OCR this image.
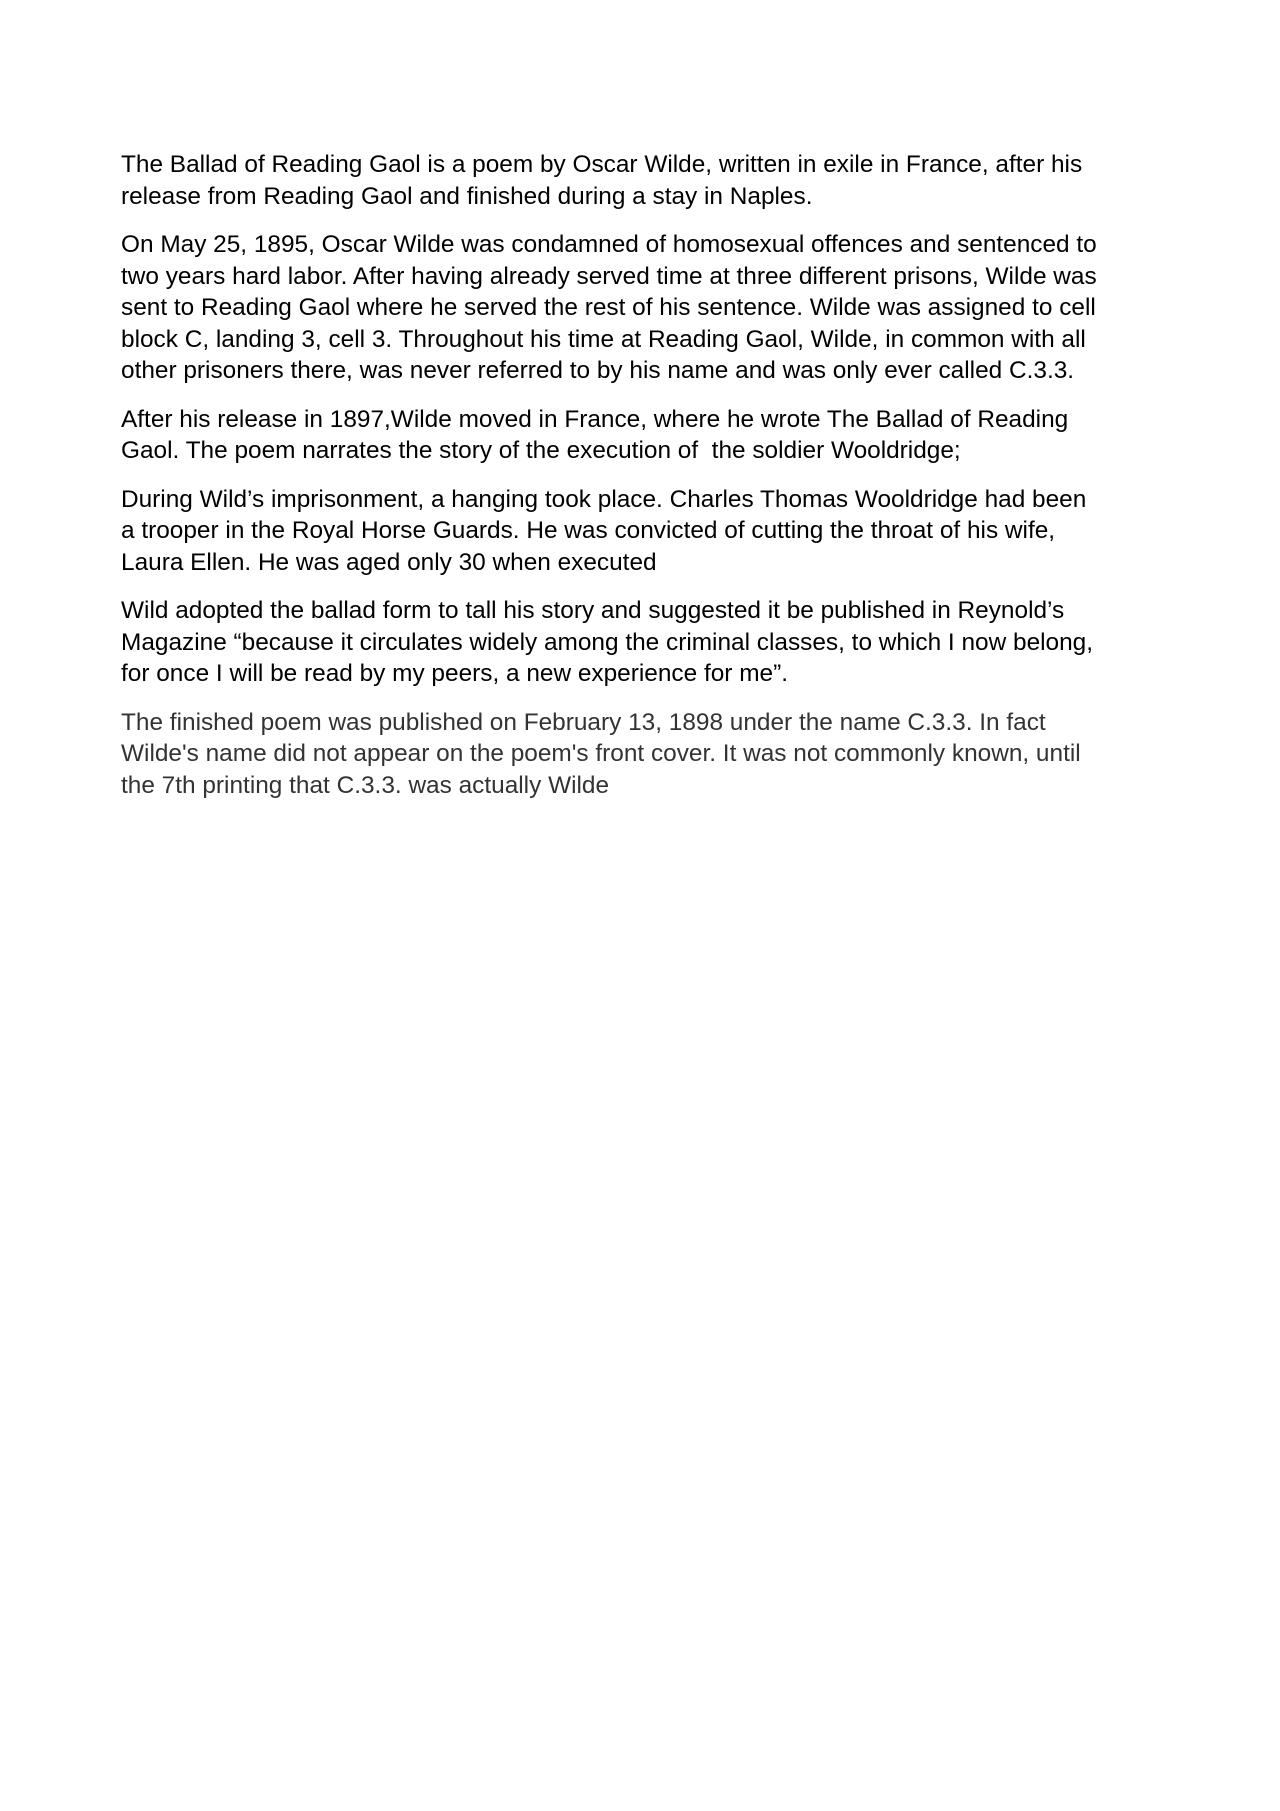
The Ballad of Reading Gaol is a poem by Oscar Wilde, written in exile in France, after his
release from Reading Gaol and finished during a stay in Naples.

On May 25, 1895, Oscar Wilde was condamned of homosexual offences and sentenced to
two years hard labor. After having already served time at three different prisons, Wilde was
sent to Reading Gaol where he served the rest of his sentence. Wilde was assigned to cell
block C, landing 3, cell 3. Throughout his time at Reading Gaol, Wilde, in common with all
other prisoners there, was never referred to by his name and was only ever called C.3.3.

After his release in 1897,Wilde moved in France, where he wrote The Ballad of Reading
Gaol. The poem narrates the story of the execution of  the soldier Wooldridge;

During Wild’s imprisonment, a hanging took place. Charles Thomas Wooldridge had been
a trooper in the Royal Horse Guards. He was convicted of cutting the throat of his wife,
Laura Ellen. He was aged only 30 when executed

Wild adopted the ballad form to tall his story and suggested it be published in Reynold’s
Magazine “because it circulates widely among the criminal classes, to which I now belong,
for once I will be read by my peers, a new experience for me”.

The finished poem was published on February 13, 1898 under the name C.3.3. In fact
Wilde's name did not appear on the poem's front cover. It was not commonly known, until
the 7th printing that C.3.3. was actually Wilde
